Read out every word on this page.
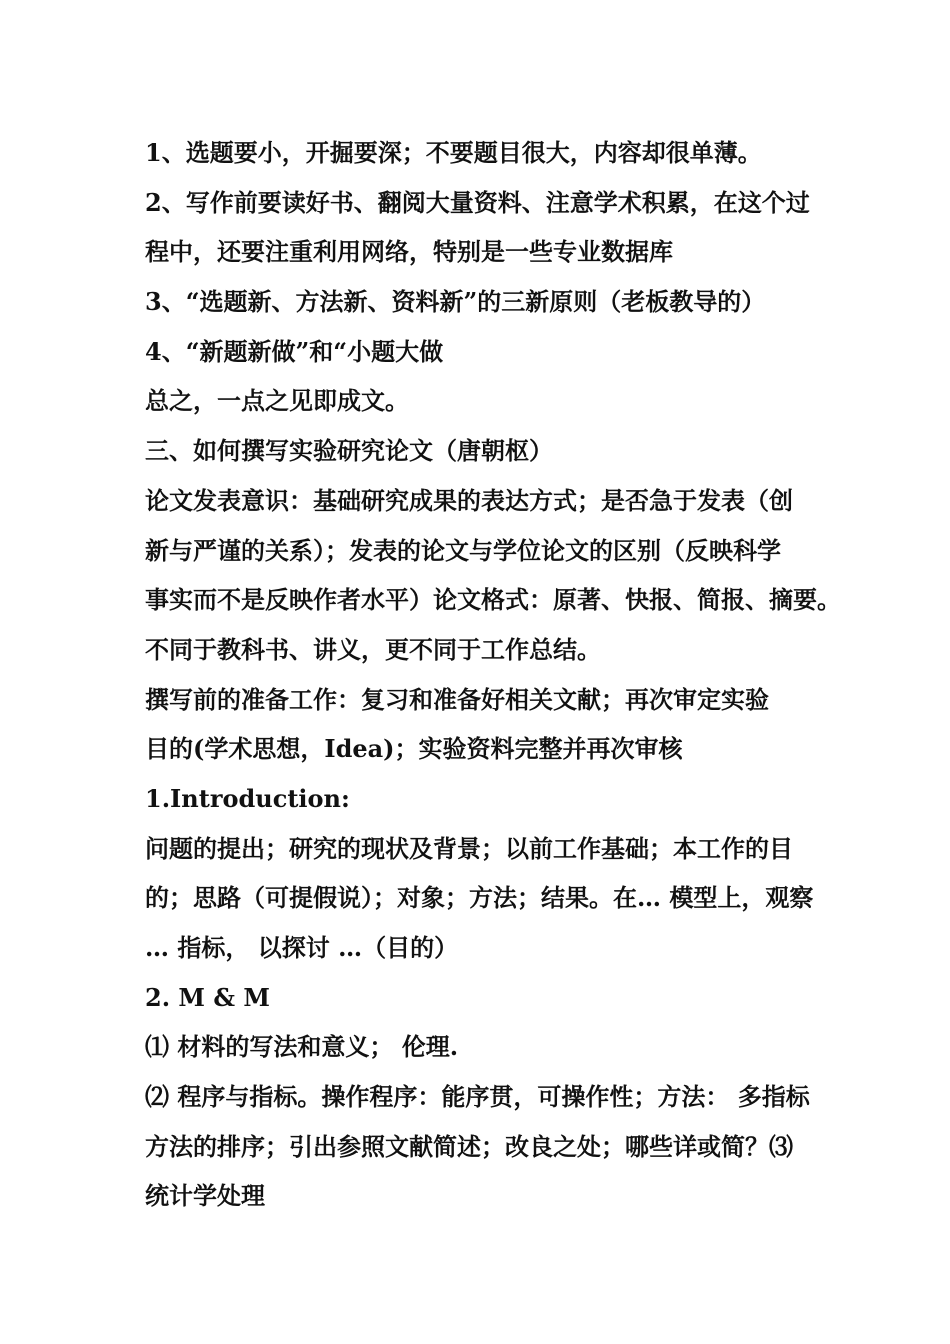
1、选题要小，开掘要深；不要题目很大，内容却很单薄。
2、写作前要读好书、翻阅大量资料、注意学术积累，在这个过
程中，还要注重利用网络，特别是一些专业数据库
3、“选题新、方法新、资料新”的三新原则（老板教导的）
4、“新题新做”和“小题大做
总之，一点之见即成文。
三、如何撰写实验研究论文（唐朝枢）
论文发表意识：基础研究成果的表达方式；是否急于发表（创
新与严谨的关系）；发表的论文与学位论文的区别（反映科学
事实而不是反映作者水平）论文格式：原著、快报、简报、摘要。
不同于教科书、讲义，更不同于工作总结。
撰写前的准备工作：复习和准备好相关文献；再次审定实验
目的(学术思想，Idea)；实验资料完整并再次审核
1.Introduction:
问题的提出；研究的现状及背景；以前工作基础；本工作的目
的；思路（可提假说）；对象；方法；结果。在… 模型上，观察
… 指标， 以探讨 …（目的）
2. M & M
⑴ 材料的写法和意义； 伦理.
⑵ 程序与指标。操作程序：能序贯，可操作性；方法： 多指标
方法的排序；引出参照文献简述；改良之处；哪些详或简？⑶
统计学处理
